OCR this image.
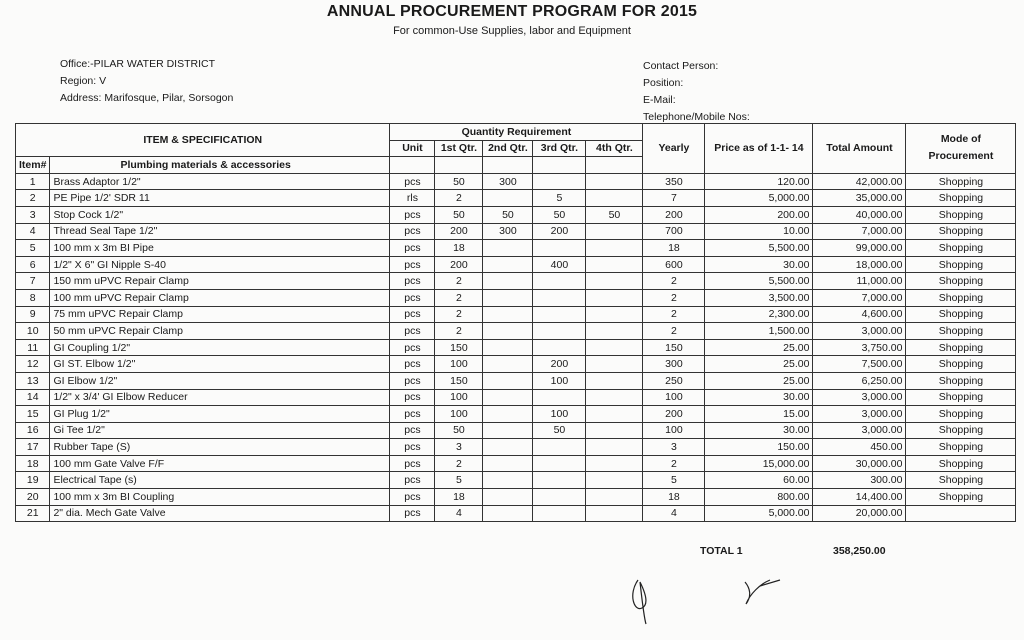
ANNUAL PROCUREMENT PROGRAM FOR 2015
For common-Use Supplies, labor and Equipment
Office:-PILAR WATER DISTRICT
Region: V
Address: Marifosque, Pilar, Sorsogon
Contact Person:
Position:
E-Mail:
Telephone/Mobile Nos:
ITEM & SPECIFICATION		Quantity Requirement					Yearly	Price as of 1-1- 14	Total Amount	Mode of Procurement
		Unit	1st Qtr.	2nd Qtr.	3rd Qtr.	4th Qtr.				
Item#	Plumbing materials & accessories									
1	Brass Adaptor 1/2"	pcs	50	300			350	120.00	42,000.00	Shopping
2	PE Pipe 1/2' SDR 11	rls	2		5		7	5,000.00	35,000.00	Shopping
3	Stop Cock 1/2"	pcs	50	50	50	50	200	200.00	40,000.00	Shopping
4	Thread Seal Tape 1/2"	pcs	200	300	200		700	10.00	7,000.00	Shopping
5	100 mm x 3m BI Pipe	pcs	18				18	5,500.00	99,000.00	Shopping
6	1/2" X 6" GI Nipple S-40	pcs	200		400		600	30.00	18,000.00	Shopping
7	150 mm uPVC Repair Clamp	pcs	2				2	5,500.00	11,000.00	Shopping
8	100 mm uPVC Repair Clamp	pcs	2				2	3,500.00	7,000.00	Shopping
9	75 mm uPVC Repair Clamp	pcs	2				2	2,300.00	4,600.00	Shopping
10	50 mm uPVC Repair Clamp	pcs	2				2	1,500.00	3,000.00	Shopping
11	GI Coupling 1/2"	pcs	150				150	25.00	3,750.00	Shopping
12	GI ST. Elbow 1/2"	pcs	100		200		300	25.00	7,500.00	Shopping
13	GI Elbow 1/2"	pcs	150		100		250	25.00	6,250.00	Shopping
14	1/2" x 3/4' GI Elbow Reducer	pcs	100				100	30.00	3,000.00	Shopping
15	GI Plug 1/2"	pcs	100		100		200	15.00	3,000.00	Shopping
16	Gi Tee 1/2"	pcs	50		50		100	30.00	3,000.00	Shopping
17	Rubber Tape (S)	pcs	3				3	150.00	450.00	Shopping
18	100 mm Gate Valve F/F	pcs	2				2	15,000.00	30,000.00	Shopping
19	Electrical Tape (s)	pcs	5				5	60.00	300.00	Shopping
20	100 mm x 3m BI Coupling	pcs	18				18	800.00	14,400.00	Shopping
21	2" dia. Mech Gate Valve	pcs	4				4	5,000.00	20,000.00	
TOTAL 1	358,250.00
